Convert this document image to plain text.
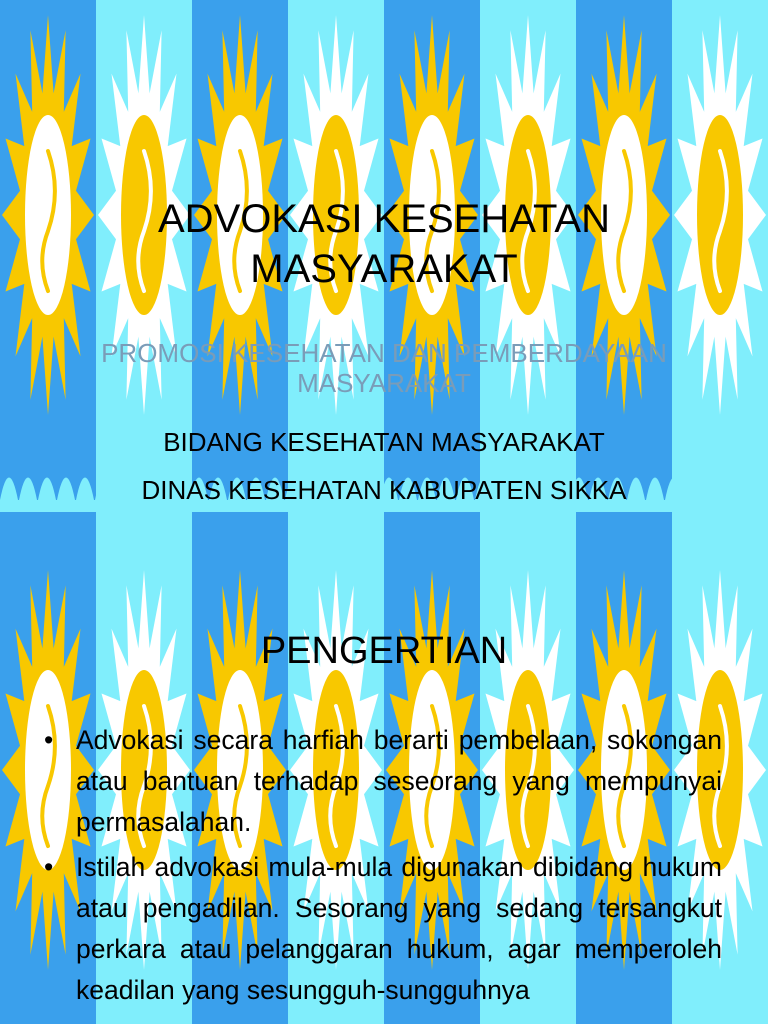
ADVOKASI KESEHATAN
MASYARAKAT
PROMOSI KESEHATAN DAN PEMBERDAYAAN MASYARAKAT
BIDANG KESEHATAN MASYARAKAT
DINAS KESEHATAN KABUPATEN SIKKA
PENGERTIAN
• Advokasi secara harfiah berarti pembelaan, sokongan atau bantuan terhadap seseorang yang mempunyai permasalahan.
• Istilah advokasi mula-mula digunakan dibidang hukum atau pengadilan. Sesorang yang sedang tersangkut perkara atau pelanggaran hukum, agar memperoleh keadilan yang sesungguh-sungguhnya
